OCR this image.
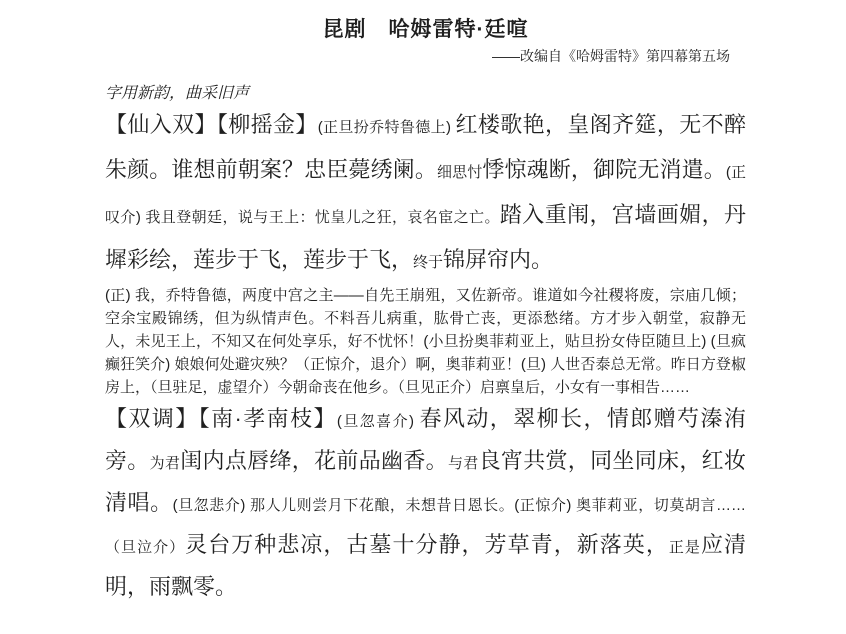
昆剧　哈姆雷特·廷喧
——改编自《哈姆雷特》第四幕第五场
字用新韵，曲采旧声

【仙入双】【柳摇金】(正旦扮乔特鲁德上) 红楼歌艳，皇阁齐筵，无不醉朱颜。谁想前朝案？忠臣薨绣阑。细思忖悸惊魂断，御院无消遣。(正叹介) 我且登朝廷，说与王上：忧皇儿之狂，哀名宦之亡。踏入重闱，宫墙画媚，丹墀彩绘，莲步于飞，莲步于飞，终于锦屏帘内。

(正) 我，乔特鲁德，两度中宫之主——自先王崩殂，又佐新帝。谁道如今社稷将废，宗庙几倾；空余宝殿锦绣，但为纵情声色。不料吾儿病重，肱骨亡丧，更添愁绪。方才步入朝堂，寂静无人，未见王上，不知又在何处享乐，好不忧怀！(小旦扮奥菲莉亚上，贴旦扮女侍臣随旦上) (旦疯癫狂笑介) 娘娘何处避灾殃？（正惊介，退介）啊，奥菲莉亚！(旦) 人世否泰总无常。昨日方登椒房上，（旦驻足，虚望介）今朝命丧在他乡。（旦见正介）启禀皇后，小女有一事相告……

【双调】【南·孝南枝】(旦忽喜介) 春风动，翠柳长，情郎赠芍溱洧旁。为君闺内点唇绛，花前品幽香。与君良宵共赏，同坐同床，红妆清唱。(旦忽悲介) 那人儿则尝月下花酿，未想昔日恩长。(正惊介) 奥菲莉亚，切莫胡言……（旦泣介）灵台万种悲凉，古墓十分静，芳草青，新落英，正是应清明，雨飘零。
